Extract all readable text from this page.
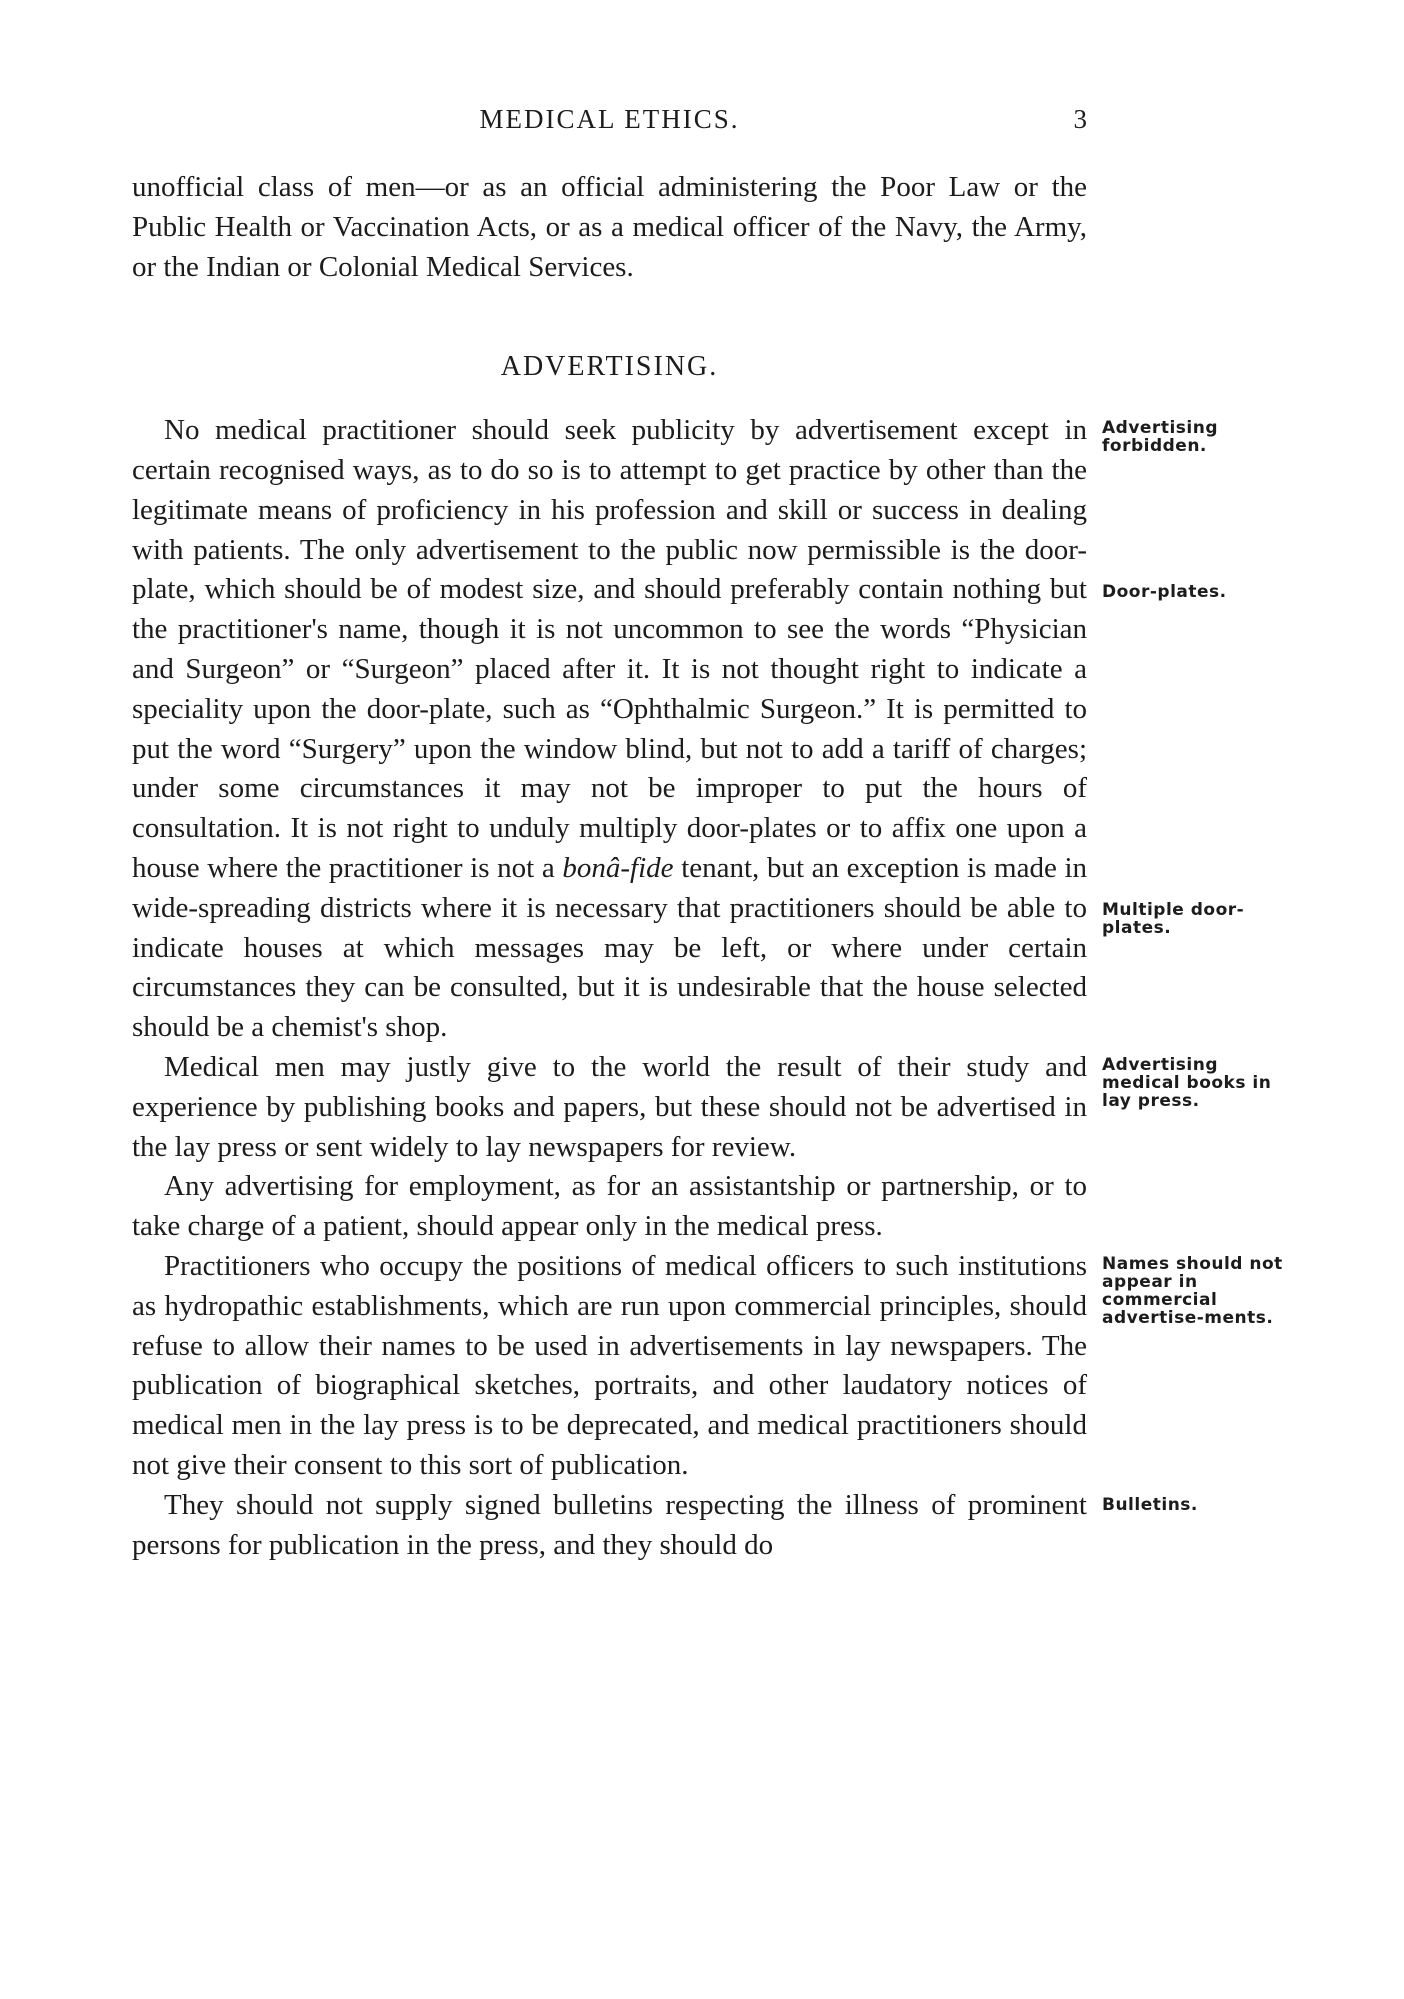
MEDICAL ETHICS.	3

unofficial class of men—or as an official administering the Poor Law or the Public Health or Vaccination Acts, or as a medical officer of the Navy, the Army, or the Indian or Colonial Medical Services.

ADVERTISING.

Advertising forbidden.
Door-plates.
Multiple door-plates.
No medical practitioner should seek publicity by advertisement except in certain recognised ways, as to do so is to attempt to get practice by other than the legitimate means of proficiency in his profession and skill or success in dealing with patients. The only advertisement to the public now permissible is the door-plate, which should be of modest size, and should preferably contain nothing but the practitioner's name, though it is not uncommon to see the words “Physician and Surgeon” or “Surgeon” placed after it. It is not thought right to indicate a speciality upon the door-plate, such as “Ophthalmic Surgeon.” It is permitted to put the word “Surgery” upon the window blind, but not to add a tariff of charges; under some circumstances it may not be improper to put the hours of consultation. It is not right to unduly multiply door-plates or to affix one upon a house where the practitioner is not a bonâ-fide tenant, but an exception is made in wide-spreading districts where it is necessary that practitioners should be able to indicate houses at which messages may be left, or where under certain circumstances they can be consulted, but it is undesirable that the house selected should be a chemist's shop.

Advertising medical books in lay press.
Medical men may justly give to the world the result of their study and experience by publishing books and papers, but these should not be advertised in the lay press or sent widely to lay newspapers for review.

Any advertising for employment, as for an assistantship or partnership, or to take charge of a patient, should appear only in the medical press.

Names should not appear in commercial advertise-ments.
Practitioners who occupy the positions of medical officers to such institutions as hydropathic establishments, which are run upon commercial principles, should refuse to allow their names to be used in advertisements in lay newspapers. The publication of biographical sketches, portraits, and other laudatory notices of medical men in the lay press is to be deprecated, and medical practitioners should not give their consent to this sort of publication.

Bulletins.
They should not supply signed bulletins respecting the illness of prominent persons for publication in the press, and they should do
